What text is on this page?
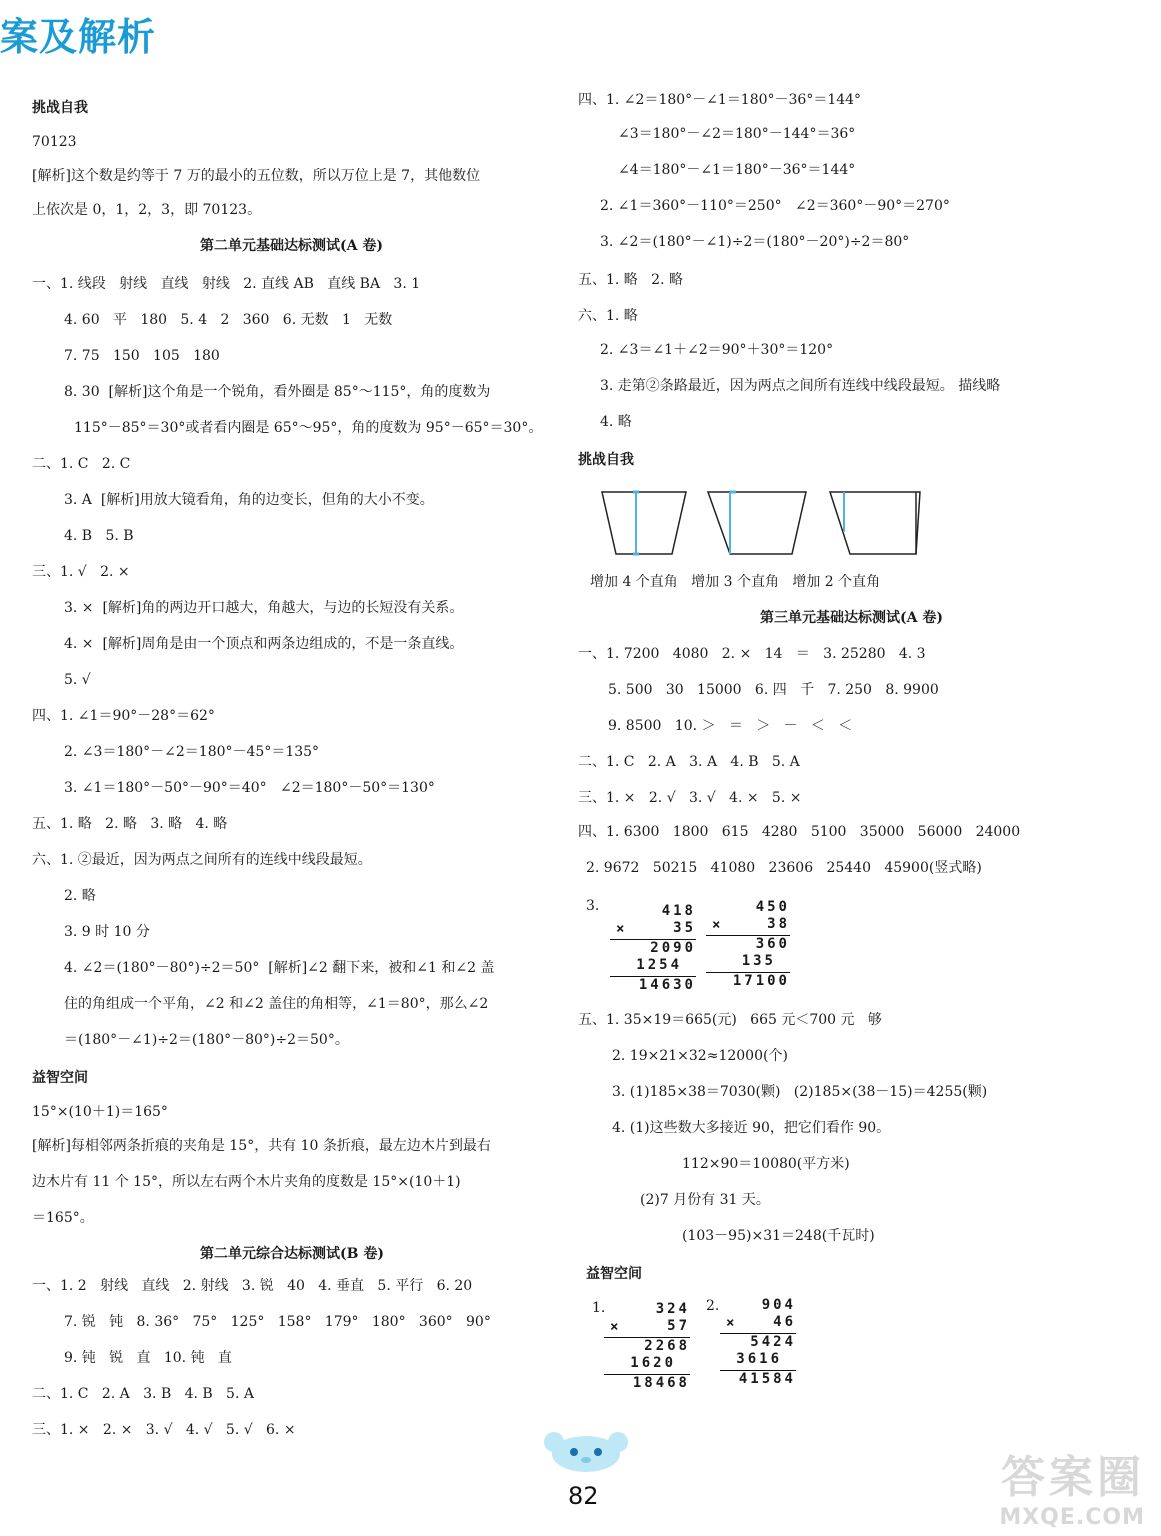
案及解析
挑战自我
70123
[解析]这个数是约等于 7 万的最小的五位数，所以万位上是 7，其他数位
上依次是 0，1，2，3，即 70123。
第二单元基础达标测试(A 卷)
一、1. 线段   射线   直线   射线   2. 直线 AB   直线 BA   3. 1
4. 60   平   180   5. 4   2   360   6. 无数   1   无数
7. 75   150   105   180
8. 30  [解析]这个角是一个锐角，看外圈是 85°～115°，角的度数为
115°－85°＝30°或者看内圈是 65°～95°，角的度数为 95°－65°＝30°。
二、1. C   2. C
3. A  [解析]用放大镜看角，角的边变长，但角的大小不变。
4. B   5. B
三、1. √   2. ×
3. ×  [解析]角的两边开口越大，角越大，与边的长短没有关系。
4. ×  [解析]周角是由一个顶点和两条边组成的，不是一条直线。
5. √
四、1. ∠1＝90°－28°＝62°
2. ∠3＝180°－∠2＝180°－45°＝135°
3. ∠1＝180°－50°－90°＝40°   ∠2＝180°－50°＝130°
五、1. 略   2. 略   3. 略   4. 略
六、1. ②最近，因为两点之间所有的连线中线段最短。
2. 略
3. 9 时 10 分
4. ∠2＝(180°－80°)÷2＝50°  [解析]∠2 翻下来，被和∠1 和∠2 盖
住的角组成一个平角，∠2 和∠2 盖住的角相等，∠1＝80°，那么∠2
＝(180°－∠1)÷2＝(180°－80°)÷2＝50°。
益智空间
15°×(10＋1)＝165°
[解析]每相邻两条折痕的夹角是 15°，共有 10 条折痕，最左边木片到最右
边木片有 11 个 15°，所以左右两个木片夹角的度数是 15°×(10＋1)
＝165°。
第二单元综合达标测试(B 卷)
一、1. 2   射线   直线   2. 射线   3. 锐   40   4. 垂直   5. 平行   6. 20
7. 锐   钝   8. 36°   75°   125°   158°   179°   180°   360°   90°
9. 钝   锐   直   10. 钝   直
二、1. C   2. A   3. B   4. B   5. A
三、1. ×   2. ×   3. √   4. √   5. √   6. ×
四、1. ∠2＝180°－∠1＝180°－36°＝144°
∠3＝180°－∠2＝180°－144°＝36°
∠4＝180°－∠1＝180°－36°＝144°
2. ∠1＝360°－110°＝250°   ∠2＝360°－90°＝270°
3. ∠2＝(180°－∠1)÷2＝(180°－20°)÷2＝80°
五、1. 略   2. 略
六、1. 略
2. ∠3＝∠1＋∠2＝90°＋30°＝120°
3. 走第②条路最近，因为两点之间所有连线中线段最短。 描线略
4. 略
挑战自我
增加 4 个直角   增加 3 个直角   增加 2 个直角
第三单元基础达标测试(A 卷)
一、1. 7200   4080   2. ×   14   ＝   3. 25280   4. 3
5. 500   30   15000   6. 四   千   7. 250   8. 9900
9. 8500   10. ＞   ＝   ＞   －   ＜   ＜
二、1. C   2. A   3. A   4. B   5. A
三、1. ×   2. √   3. √   4. ×   5. ×
四、1. 6300   1800   615   4280   5100   35000   56000   24000
2. 9672   50215   41080   23606   25440   45900(竖式略)
3.
五、1. 35×19＝665(元)   665 元＜700 元   够
2. 19×21×32≈12000(个)
3. (1)185×38＝7030(颗)   (2)185×(38－15)＝4255(颗)
4. (1)这些数大多接近 90，把它们看作 90。
112×90＝10080(平方米)
(2)7 月份有 31 天。
(103－95)×31＝248(千瓦时)
益智空间
1.	2.
418
35
2090
1254
14630
×
450
38
360
135
17100
×
324
57
2268
1620
18468
×
904
46
5424
3616
41584
×
82	答案圈
MXQE.COM
